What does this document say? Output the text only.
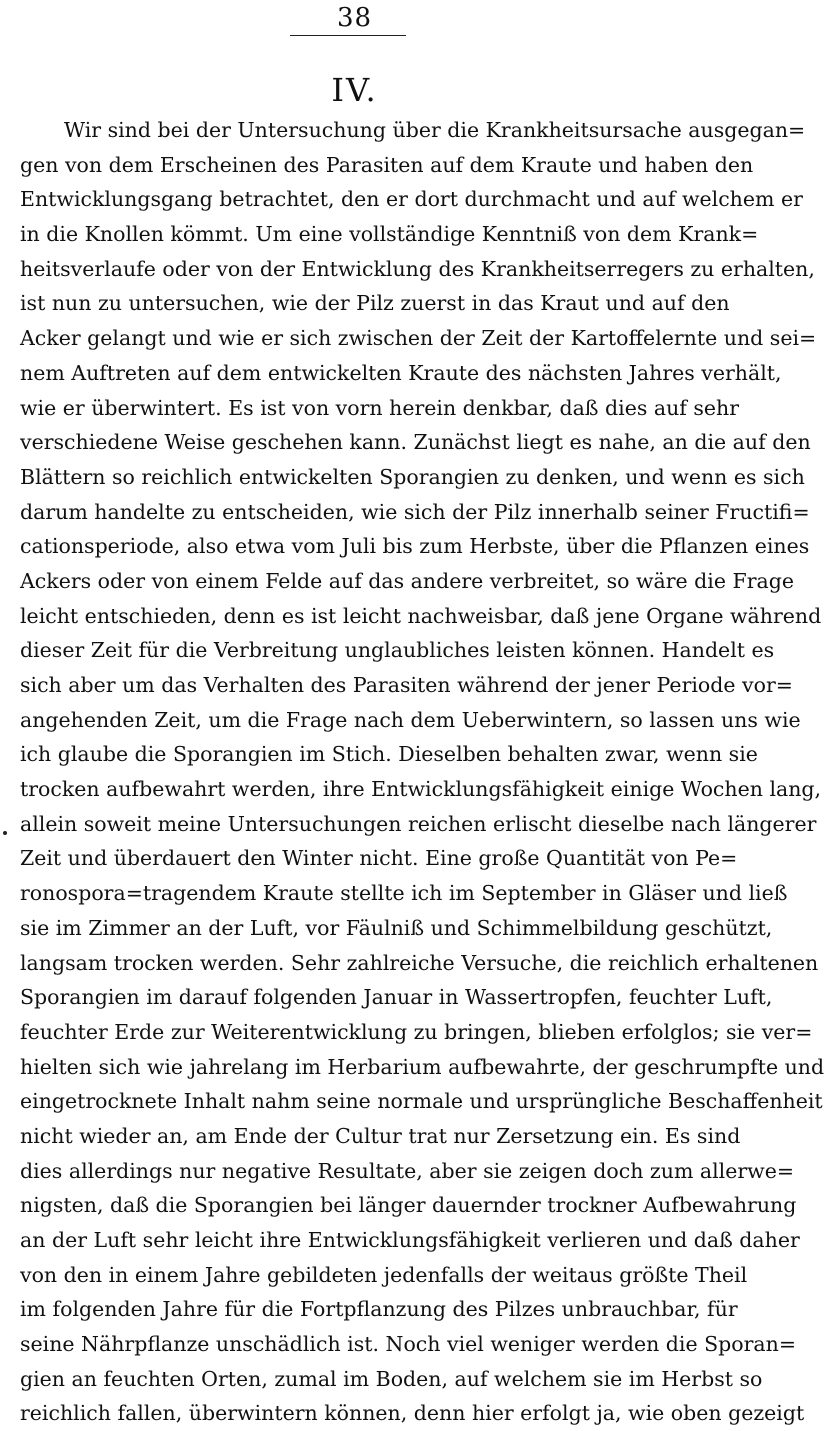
38
IV.
Wir sind bei der Untersuchung über die Krankheitsursache ausgegan=
gen von dem Erscheinen des Parasiten auf dem Kraute und haben den
Entwicklungsgang betrachtet, den er dort durchmacht und auf welchem er
in die Knollen kömmt. Um eine vollständige Kenntniß von dem Krank=
heitsverlaufe oder von der Entwicklung des Krankheitserregers zu erhalten,
ist nun zu untersuchen, wie der Pilz zuerst in das Kraut und auf den
Acker gelangt und wie er sich zwischen der Zeit der Kartoffelernte und sei=
nem Auftreten auf dem entwickelten Kraute des nächsten Jahres verhält,
wie er überwintert. Es ist von vorn herein denkbar, daß dies auf sehr
verschiedene Weise geschehen kann. Zunächst liegt es nahe, an die auf den
Blättern so reichlich entwickelten Sporangien zu denken, und wenn es sich
darum handelte zu entscheiden, wie sich der Pilz innerhalb seiner Fructifi=
cationsperiode, also etwa vom Juli bis zum Herbste, über die Pflanzen eines
Ackers oder von einem Felde auf das andere verbreitet, so wäre die Frage
leicht entschieden, denn es ist leicht nachweisbar, daß jene Organe während
dieser Zeit für die Verbreitung unglaubliches leisten können. Handelt es
sich aber um das Verhalten des Parasiten während der jener Periode vor=
angehenden Zeit, um die Frage nach dem Ueberwintern, so lassen uns wie
ich glaube die Sporangien im Stich. Dieselben behalten zwar, wenn sie
trocken aufbewahrt werden, ihre Entwicklungsfähigkeit einige Wochen lang,
allein soweit meine Untersuchungen reichen erlischt dieselbe nach längerer
Zeit und überdauert den Winter nicht. Eine große Quantität von Pe=
ronospora=tragendem Kraute stellte ich im September in Gläser und ließ
sie im Zimmer an der Luft, vor Fäulniß und Schimmelbildung geschützt,
langsam trocken werden. Sehr zahlreiche Versuche, die reichlich erhaltenen
Sporangien im darauf folgenden Januar in Wassertropfen, feuchter Luft,
feuchter Erde zur Weiterentwicklung zu bringen, blieben erfolglos; sie ver=
hielten sich wie jahrelang im Herbarium aufbewahrte, der geschrumpfte und
eingetrocknete Inhalt nahm seine normale und ursprüngliche Beschaffenheit
nicht wieder an, am Ende der Cultur trat nur Zersetzung ein. Es sind
dies allerdings nur negative Resultate, aber sie zeigen doch zum allerwe=
nigsten, daß die Sporangien bei länger dauernder trockner Aufbewahrung
an der Luft sehr leicht ihre Entwicklungsfähigkeit verlieren und daß daher
von den in einem Jahre gebildeten jedenfalls der weitaus größte Theil
im folgenden Jahre für die Fortpflanzung des Pilzes unbrauchbar, für
seine Nährpflanze unschädlich ist. Noch viel weniger werden die Sporan=
gien an feuchten Orten, zumal im Boden, auf welchem sie im Herbst so
reichlich fallen, überwintern können, denn hier erfolgt ja, wie oben gezeigt
